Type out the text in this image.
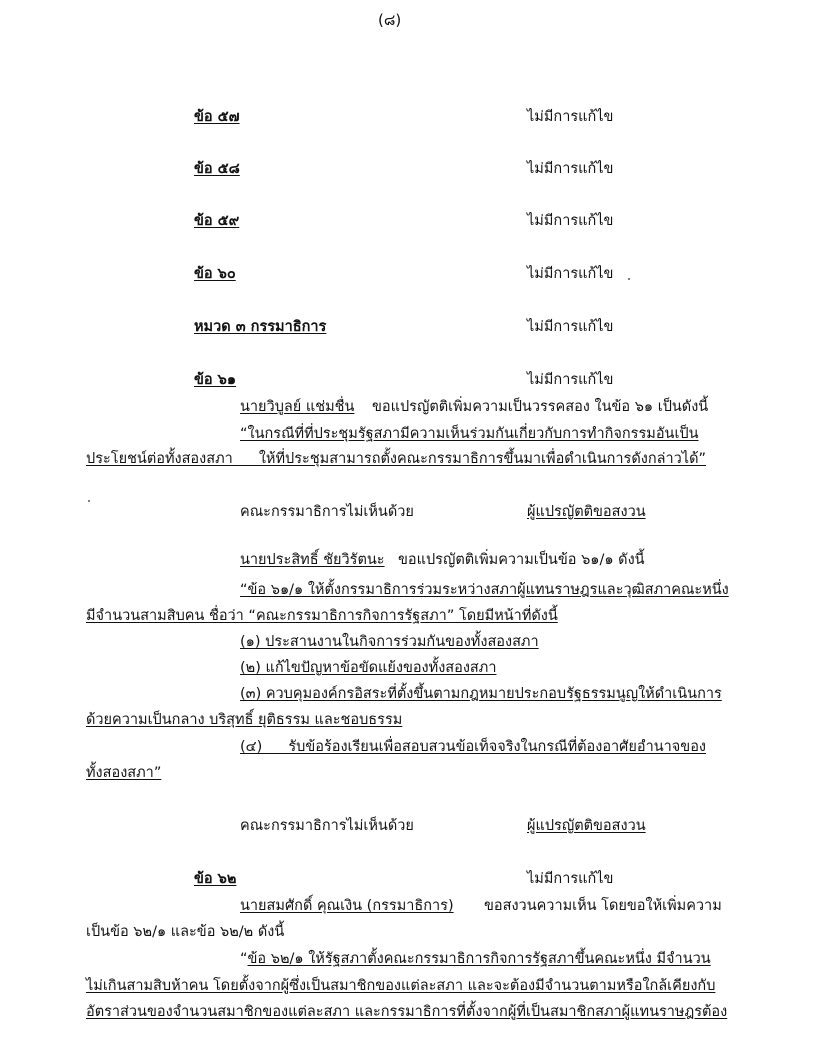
(๘)
ข้อ ๕๗	ไม่มีการแก้ไข
ข้อ ๕๘	ไม่มีการแก้ไข
ข้อ ๕๙	ไม่มีการแก้ไข
ข้อ ๖๐	ไม่มีการแก้ไข
หมวด ๓ กรรมาธิการ	ไม่มีการแก้ไข
ข้อ ๖๑	ไม่มีการแก้ไข
นายวิบูลย์ แช่มชื่น ขอแปรญัตติเพิ่มความเป็นวรรคสอง ในข้อ ๖๑ เป็นดังนี้
“ในกรณีที่ที่ประชุมรัฐสภามีความเห็นร่วมกันเกี่ยวกับการทำกิจกรรมอันเป็น
ประโยชน์ต่อทั้งสองสภา ให้ที่ประชุมสามารถตั้งคณะกรรมาธิการขึ้นมาเพื่อดำเนินการดังกล่าวได้”
คณะกรรมาธิการไม่เห็นด้วย	ผู้แปรญัตติขอสงวน
นายประสิทธิ์ ชัยวิรัตนะ ขอแปรญัตติเพิ่มความเป็นข้อ ๖๑/๑ ดังนี้
“ข้อ ๖๑/๑ ให้ตั้งกรรมาธิการร่วมระหว่างสภาผู้แทนราษฎรและวุฒิสภาคณะหนึ่ง
มีจำนวนสามสิบคน ชื่อว่า “คณะกรรมาธิการกิจการรัฐสภา” โดยมีหน้าที่ดังนี้
(๑) ประสานงานในกิจการร่วมกันของทั้งสองสภา
(๒) แก้ไขปัญหาข้อขัดแย้งของทั้งสองสภา
(๓) ควบคุมองค์กรอิสระที่ตั้งขึ้นตามกฎหมายประกอบรัฐธรรมนูญให้ดำเนินการ
ด้วยความเป็นกลาง บริสุทธิ์ ยุติธรรม และชอบธรรม
(๔) รับข้อร้องเรียนเพื่อสอบสวนข้อเท็จจริงในกรณีที่ต้องอาศัยอำนาจของ
ทั้งสองสภา”
คณะกรรมาธิการไม่เห็นด้วย	ผู้แปรญัตติขอสงวน
ข้อ ๖๒	ไม่มีการแก้ไข
นายสมศักดิ์ คุณเงิน (กรรมาธิการ) ขอสงวนความเห็น โดยขอให้เพิ่มความ
เป็นข้อ ๖๒/๑ และข้อ ๖๒/๒ ดังนี้
“ข้อ ๖๒/๑ ให้รัฐสภาตั้งคณะกรรมาธิการกิจการรัฐสภาขึ้นคณะหนึ่ง มีจำนวน
ไม่เกินสามสิบห้าคน โดยตั้งจากผู้ซึ่งเป็นสมาชิกของแต่ละสภา และจะต้องมีจำนวนตามหรือใกล้เคียงกับ
อัตราส่วนของจำนวนสมาชิกของแต่ละสภา และกรรมาธิการที่ตั้งจากผู้ที่เป็นสมาชิกสภาผู้แทนราษฎรต้อง
